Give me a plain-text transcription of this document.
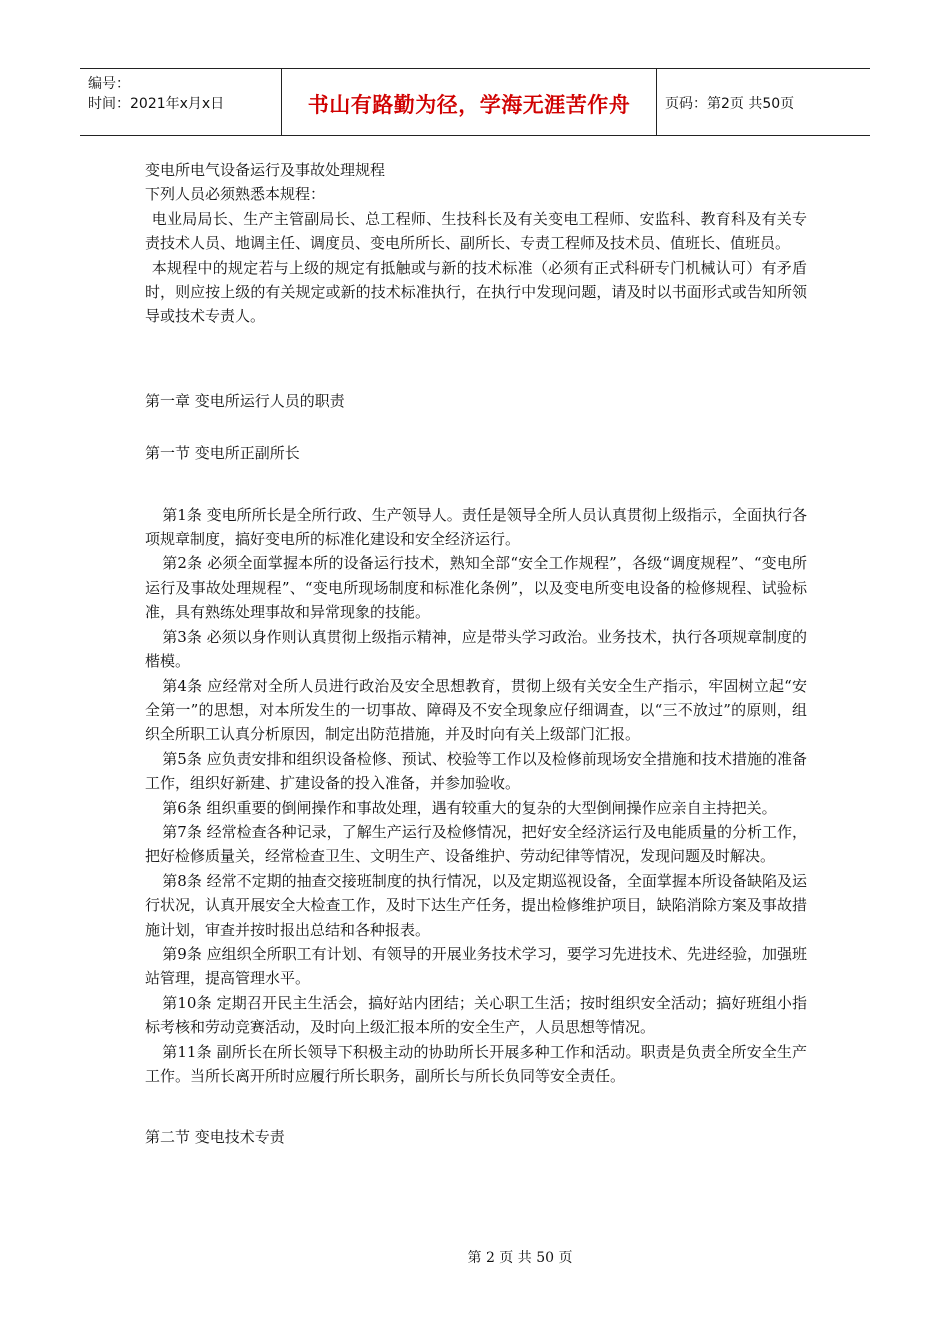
编号：
时间：2021年x月x日	书山有路勤为径，学海无涯苦作舟	页码：第2页 共50页

变电所电气设备运行及事故处理规程

下列人员必须熟悉本规程：

电业局局长、生产主管副局长、总工程师、生技科长及有关变电工程师、安监科、教育科及有关专责技术人员、地调主任、调度员、变电所所长、副所长、专责工程师及技术员、值班长、值班员。

本规程中的规定若与上级的规定有抵触或与新的技术标准（必须有正式科研专门机械认可）有矛盾时，则应按上级的有关规定或新的技术标准执行，在执行中发现问题，请及时以书面形式或告知所领导或技术专责人。

第一章 变电所运行人员的职责

第一节 变电所正副所长

第1条 变电所所长是全所行政、生产领导人。责任是领导全所人员认真贯彻上级指示，全面执行各项规章制度，搞好变电所的标准化建设和安全经济运行。

第2条 必须全面掌握本所的设备运行技术，熟知全部“安全工作规程”，各级“调度规程”、“变电所运行及事故处理规程”、“变电所现场制度和标准化条例”，以及变电所变电设备的检修规程、试验标准，具有熟练处理事故和异常现象的技能。

第3条 必须以身作则认真贯彻上级指示精神，应是带头学习政治。业务技术，执行各项规章制度的楷模。

第4条 应经常对全所人员进行政治及安全思想教育，贯彻上级有关安全生产指示，牢固树立起“安全第一”的思想，对本所发生的一切事故、障碍及不安全现象应仔细调查，以“三不放过”的原则，组织全所职工认真分析原因，制定出防范措施，并及时向有关上级部门汇报。

第5条 应负责安排和组织设备检修、预试、校验等工作以及检修前现场安全措施和技术措施的准备工作，组织好新建、扩建设备的投入准备，并参加验收。

第6条 组织重要的倒闸操作和事故处理，遇有较重大的复杂的大型倒闸操作应亲自主持把关。

第7条 经常检查各种记录，了解生产运行及检修情况，把好安全经济运行及电能质量的分析工作，把好检修质量关，经常检查卫生、文明生产、设备维护、劳动纪律等情况，发现问题及时解决。

第8条 经常不定期的抽查交接班制度的执行情况，以及定期巡视设备，全面掌握本所设备缺陷及运行状况，认真开展安全大检查工作，及时下达生产任务，提出检修维护项目，缺陷消除方案及事故措施计划，审查并按时报出总结和各种报表。

第9条 应组织全所职工有计划、有领导的开展业务技术学习，要学习先进技术、先进经验，加强班站管理，提高管理水平。

第10条 定期召开民主生活会，搞好站内团结；关心职工生活；按时组织安全活动；搞好班组小指标考核和劳动竞赛活动，及时向上级汇报本所的安全生产，人员思想等情况。

第11条 副所长在所长领导下积极主动的协助所长开展多种工作和活动。职责是负责全所安全生产工作。当所长离开所时应履行所长职务，副所长与所长负同等安全责任。

第二节 变电技术专责

第 2 页 共 50 页
